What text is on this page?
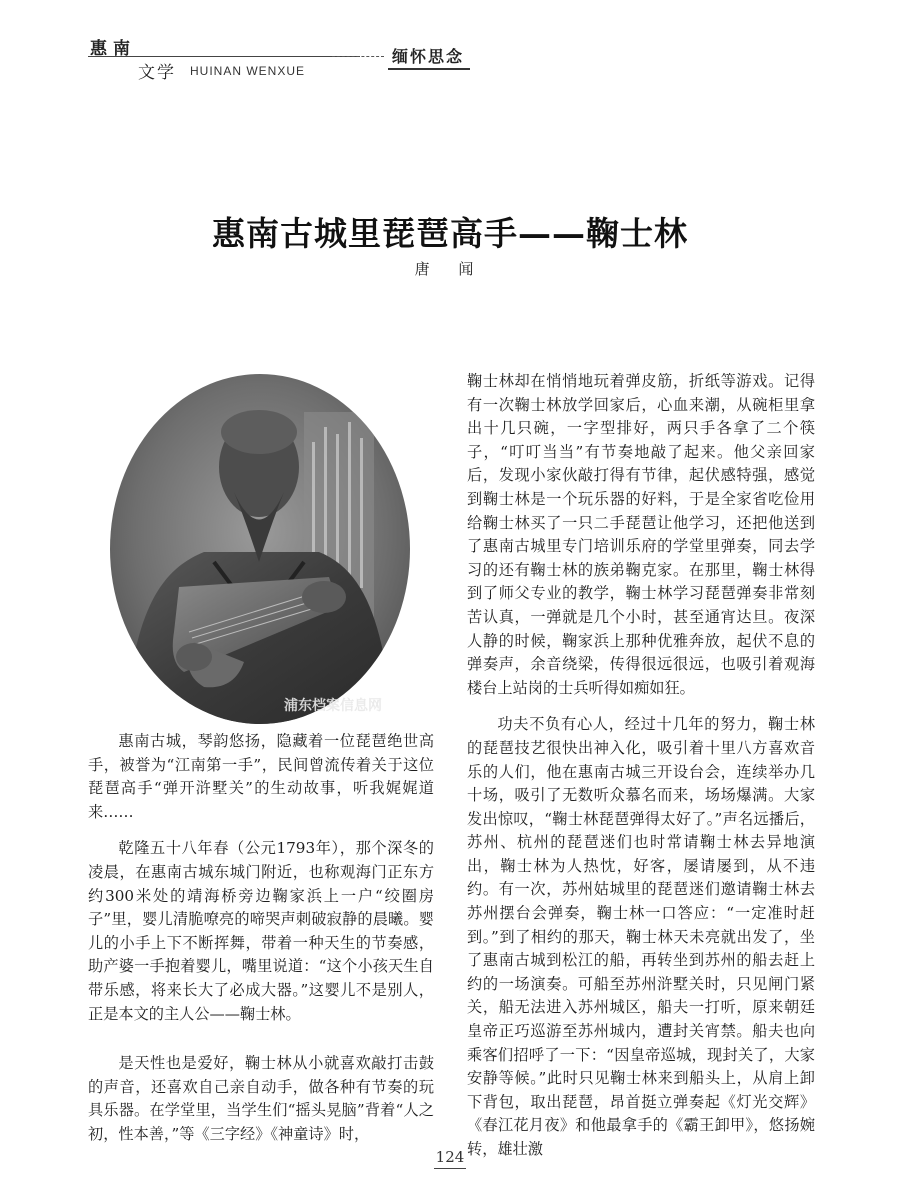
惠南
文学 HUINAN WENXUE
缅怀思念
惠南古城里琵琶高手——鞠士林
唐 闻
浦东档案信息网

惠南古城，琴韵悠扬，隐藏着一位琵琶绝世高手，被誉为“江南第一手”，民间曾流传着关于这位琵琶高手“弹开浒墅关”的生动故事，听我娓娓道来……

乾隆五十八年春（公元1793年），那个深冬的凌晨，在惠南古城东城门附近，也称观海门正东方约300米处的靖海桥旁边鞠家浜上一户“绞圈房子”里，婴儿清脆嘹亮的啼哭声刺破寂静的晨曦。婴儿的小手上下不断挥舞，带着一种天生的节奏感，助产婆一手抱着婴儿，嘴里说道：“这个小孩天生自带乐感，将来长大了必成大器。”这婴儿不是别人，正是本文的主人公——鞠士林。

是天性也是爱好，鞠士林从小就喜欢敲打击鼓的声音，还喜欢自己亲自动手，做各种有节奏的玩具乐器。在学堂里，当学生们“摇头晃脑”背着“人之初，性本善，”等《三字经》《神童诗》时，

鞠士林却在悄悄地玩着弹皮筋，折纸等游戏。记得有一次鞠士林放学回家后，心血来潮，从碗柜里拿出十几只碗，一字型排好，两只手各拿了二个筷子，“叮叮当当”有节奏地敲了起来。他父亲回家后，发现小家伙敲打得有节律，起伏感特强，感觉到鞠士林是一个玩乐器的好料，于是全家省吃俭用给鞠士林买了一只二手琵琶让他学习，还把他送到了惠南古城里专门培训乐府的学堂里弹奏，同去学习的还有鞠士林的族弟鞠克家。在那里，鞠士林得到了师父专业的教学，鞠士林学习琵琶弹奏非常刻苦认真，一弹就是几个小时，甚至通宵达旦。夜深人静的时候，鞠家浜上那种优雅奔放，起伏不息的弹奏声，余音绕梁，传得很远很远，也吸引着观海楼台上站岗的士兵听得如痴如狂。

功夫不负有心人，经过十几年的努力，鞠士林的琵琶技艺很快出神入化，吸引着十里八方喜欢音乐的人们，他在惠南古城三开设台会，连续举办几十场，吸引了无数听众慕名而来，场场爆满。大家发出惊叹，“鞠士林琵琶弹得太好了。”声名远播后，苏州、杭州的琵琶迷们也时常请鞠士林去异地演出，鞠士林为人热忱，好客，屡请屡到，从不违约。有一次，苏州姑城里的琵琶迷们邀请鞠士林去苏州摆台会弹奏，鞠士林一口答应：“一定准时赶到。”到了相约的那天，鞠士林天未亮就出发了，坐了惠南古城到松江的船，再转坐到苏州的船去赶上约的一场演奏。可船至苏州浒墅关时，只见闸门紧关，船无法进入苏州城区，船夫一打听，原来朝廷皇帝正巧巡游至苏州城内，遭封关宵禁。船夫也向乘客们招呼了一下：“因皇帝巡城，现封关了，大家安静等候。”此时只见鞠士林来到船头上，从肩上卸下背包，取出琵琶，昂首挺立弹奏起《灯光交辉》《春江花月夜》和他最拿手的《霸王卸甲》，悠扬婉转，雄壮激

124
